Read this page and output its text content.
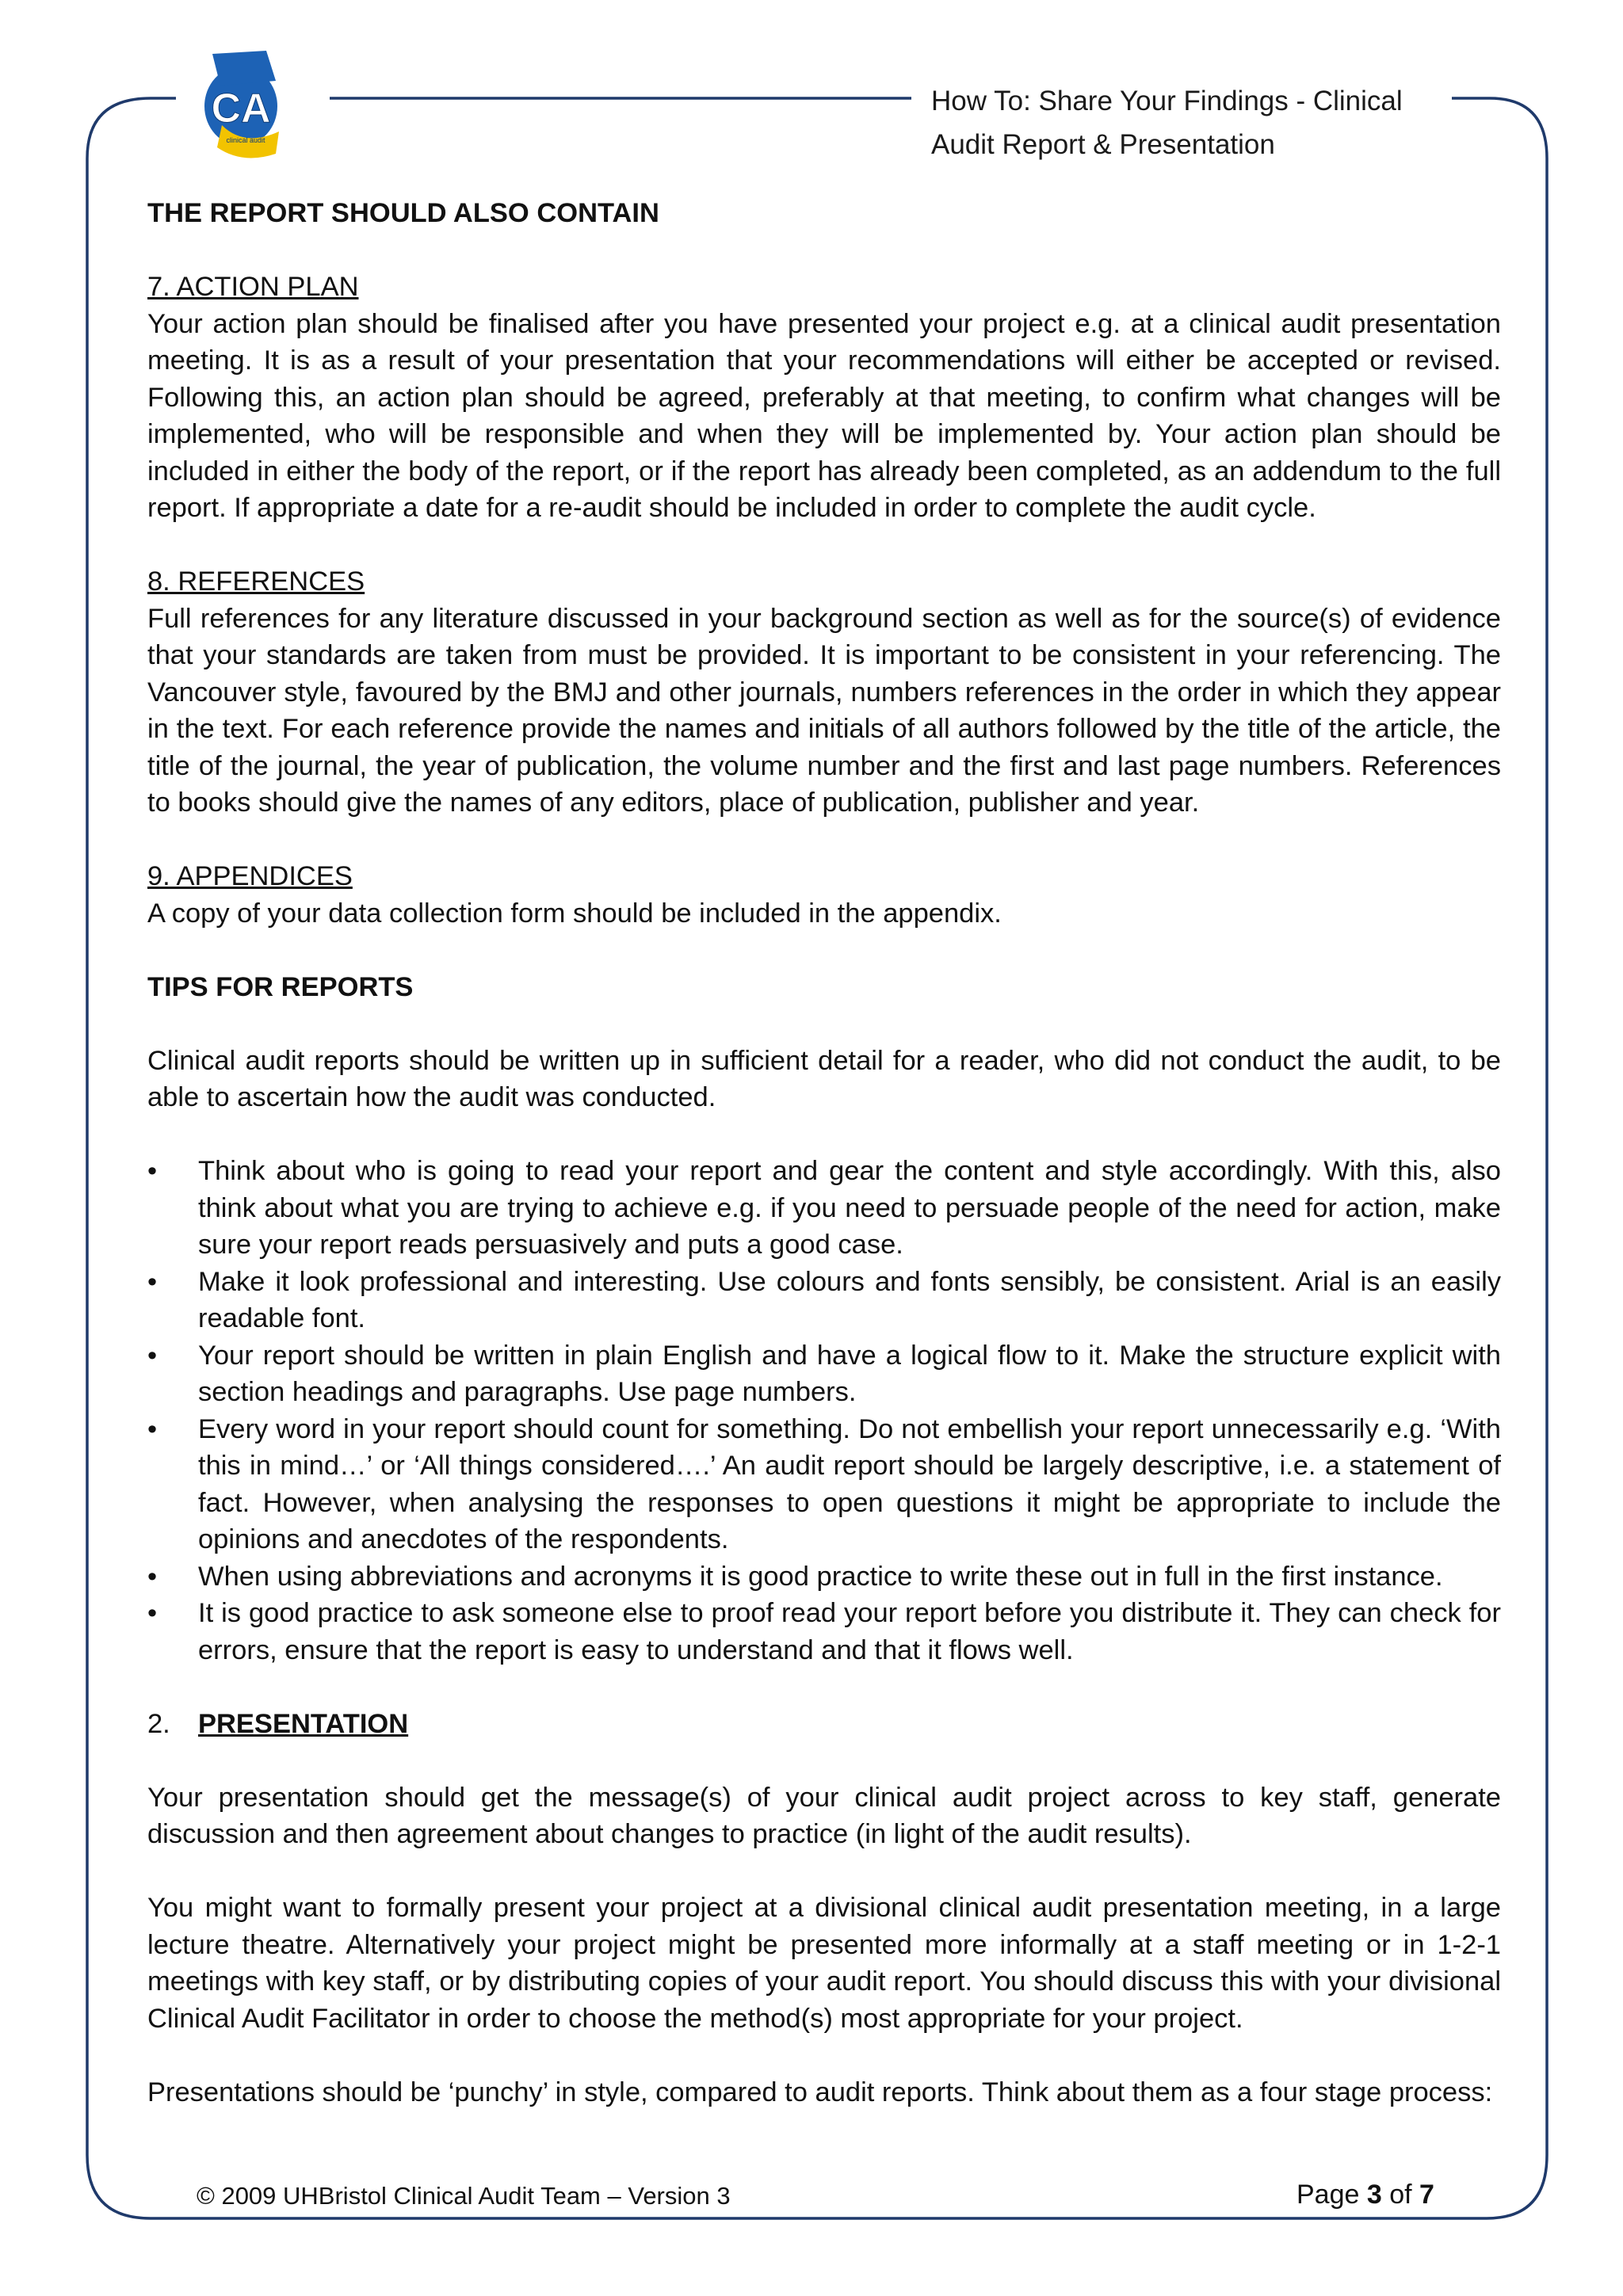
CA
clinical audit
How To: Share Your Findings - Clinical
Audit Report & Presentation

THE REPORT SHOULD ALSO CONTAIN

7. ACTION PLAN

Your action plan should be finalised after you have presented your project e.g. at a clinical audit presentation meeting. It is as a result of your presentation that your recommendations will either be accepted or revised. Following this, an action plan should be agreed, preferably at that meeting, to confirm what changes will be implemented, who will be responsible and when they will be implemented by. Your action plan should be included in either the body of the report, or if the report has already been completed, as an addendum to the full report. If appropriate a date for a re-audit should be included in order to complete the audit cycle.

8. REFERENCES

Full references for any literature discussed in your background section as well as for the source(s) of evidence that your standards are taken from must be provided. It is important to be consistent in your referencing. The Vancouver style, favoured by the BMJ and other journals, numbers references in the order in which they appear in the text. For each reference provide the names and initials of all authors followed by the title of the article, the title of the journal, the year of publication, the volume number and the first and last page numbers. References to books should give the names of any editors, place of publication, publisher and year.

9. APPENDICES

A copy of your data collection form should be included in the appendix.

TIPS FOR REPORTS

Clinical audit reports should be written up in sufficient detail for a reader, who did not conduct the audit, to be able to ascertain how the audit was conducted.

• Think about who is going to read your report and gear the content and style accordingly. With this, also think about what you are trying to achieve e.g. if you need to persuade people of the need for action, make sure your report reads persuasively and puts a good case.
• Make it look professional and interesting. Use colours and fonts sensibly, be consistent. Arial is an easily readable font.
• Your report should be written in plain English and have a logical flow to it. Make the structure explicit with section headings and paragraphs. Use page numbers.
• Every word in your report should count for something. Do not embellish your report unnecessarily e.g. ‘With this in mind…’ or ‘All things considered….’ An audit report should be largely descriptive, i.e. a statement of fact. However, when analysing the responses to open questions it might be appropriate to include the opinions and anecdotes of the respondents.
• When using abbreviations and acronyms it is good practice to write these out in full in the first instance.
• It is good practice to ask someone else to proof read your report before you distribute it. They can check for errors, ensure that the report is easy to understand and that it flows well.

2. PRESENTATION

Your presentation should get the message(s) of your clinical audit project across to key staff, generate discussion and then agreement about changes to practice (in light of the audit results).

You might want to formally present your project at a divisional clinical audit presentation meeting, in a large lecture theatre. Alternatively your project might be presented more informally at a staff meeting or in 1-2-1 meetings with key staff, or by distributing copies of your audit report. You should discuss this with your divisional Clinical Audit Facilitator in order to choose the method(s) most appropriate for your project.

Presentations should be ‘punchy’ in style, compared to audit reports. Think about them as a four stage process:

© 2009 UHBristol Clinical Audit Team – Version 3	Page 3 of 7
